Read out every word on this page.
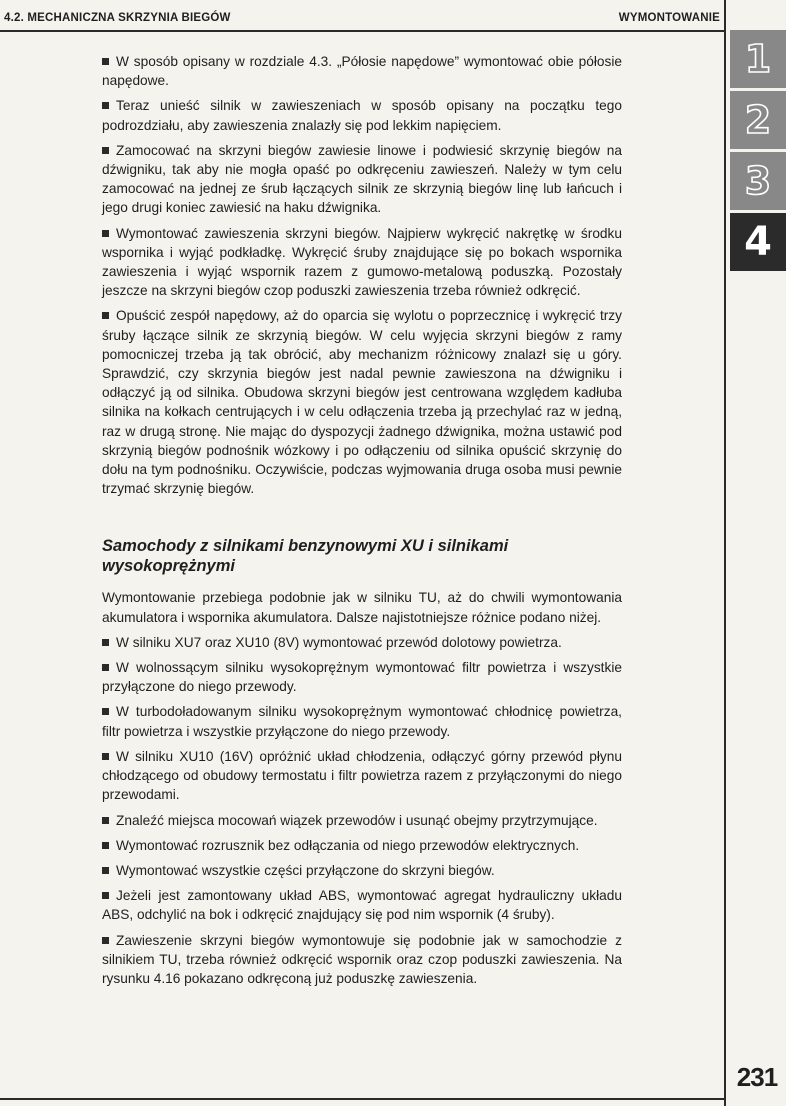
4.2. MECHANICZNA SKRZYNIA BIEGÓW	WYMONTOWANIE
1
2
3
4
231

W sposób opisany w rozdziale 4.3. „Półosie napędowe” wymontować obie półosie napędowe.

Teraz unieść silnik w zawieszeniach w sposób opisany na początku tego podrozdziału, aby zawieszenia znalazły się pod lekkim napięciem.

Zamocować na skrzyni biegów zawiesie linowe i podwiesić skrzynię biegów na dźwigniku, tak aby nie mogła opaść po odkręceniu zawieszeń. Należy w tym celu zamocować na jednej ze śrub łączących silnik ze skrzynią biegów linę lub łańcuch i jego drugi koniec zawiesić na haku dźwignika.

Wymontować zawieszenia skrzyni biegów. Najpierw wykręcić nakrętkę w środku wspornika i wyjąć podkładkę. Wykręcić śruby znajdujące się po bokach wspornika zawieszenia i wyjąć wspornik razem z gumowo-metalową poduszką. Pozostały jeszcze na skrzyni biegów czop poduszki zawieszenia trzeba również odkręcić.

Opuścić zespół napędowy, aż do oparcia się wylotu o poprzecznicę i wykręcić trzy śruby łączące silnik ze skrzynią biegów. W celu wyjęcia skrzyni biegów z ramy pomocniczej trzeba ją tak obrócić, aby mechanizm różnicowy znalazł się u góry. Sprawdzić, czy skrzynia biegów jest nadal pewnie zawieszona na dźwigniku i odłączyć ją od silnika. Obudowa skrzyni biegów jest centrowana względem kadłuba silnika na kołkach centrujących i w celu odłączenia trzeba ją przechylać raz w jedną, raz w drugą stronę. Nie mając do dyspozycji żadnego dźwignika, można ustawić pod skrzynią biegów podnośnik wózkowy i po odłączeniu od silnika opuścić skrzynię do dołu na tym podnośniku. Oczywiście, podczas wyjmowania druga osoba musi pewnie trzymać skrzynię biegów.

Samochody z silnikami benzynowymi XU i silnikami wysokoprężnymi

Wymontowanie przebiega podobnie jak w silniku TU, aż do chwili wymontowania akumulatora i wspornika akumulatora. Dalsze najistotniejsze różnice podano niżej.

W silniku XU7 oraz XU10 (8V) wymontować przewód dolotowy powietrza.

W wolnossącym silniku wysokoprężnym wymontować filtr powietrza i wszystkie przyłączone do niego przewody.

W turbodoładowanym silniku wysokoprężnym wymontować chłodnicę powietrza, filtr powietrza i wszystkie przyłączone do niego przewody.

W silniku XU10 (16V) opróżnić układ chłodzenia, odłączyć górny przewód płynu chłodzącego od obudowy termostatu i filtr powietrza razem z przyłączonymi do niego przewodami.

Znaleźć miejsca mocowań wiązek przewodów i usunąć obejmy przytrzymujące.

Wymontować rozrusznik bez odłączania od niego przewodów elektrycznych.

Wymontować wszystkie części przyłączone do skrzyni biegów.

Jeżeli jest zamontowany układ ABS, wymontować agregat hydrauliczny układu ABS, odchylić na bok i odkręcić znajdujący się pod nim wspornik (4 śruby).

Zawieszenie skrzyni biegów wymontowuje się podobnie jak w samochodzie z silnikiem TU, trzeba również odkręcić wspornik oraz czop poduszki zawieszenia. Na rysunku 4.16 pokazano odkręconą już poduszkę zawieszenia.
